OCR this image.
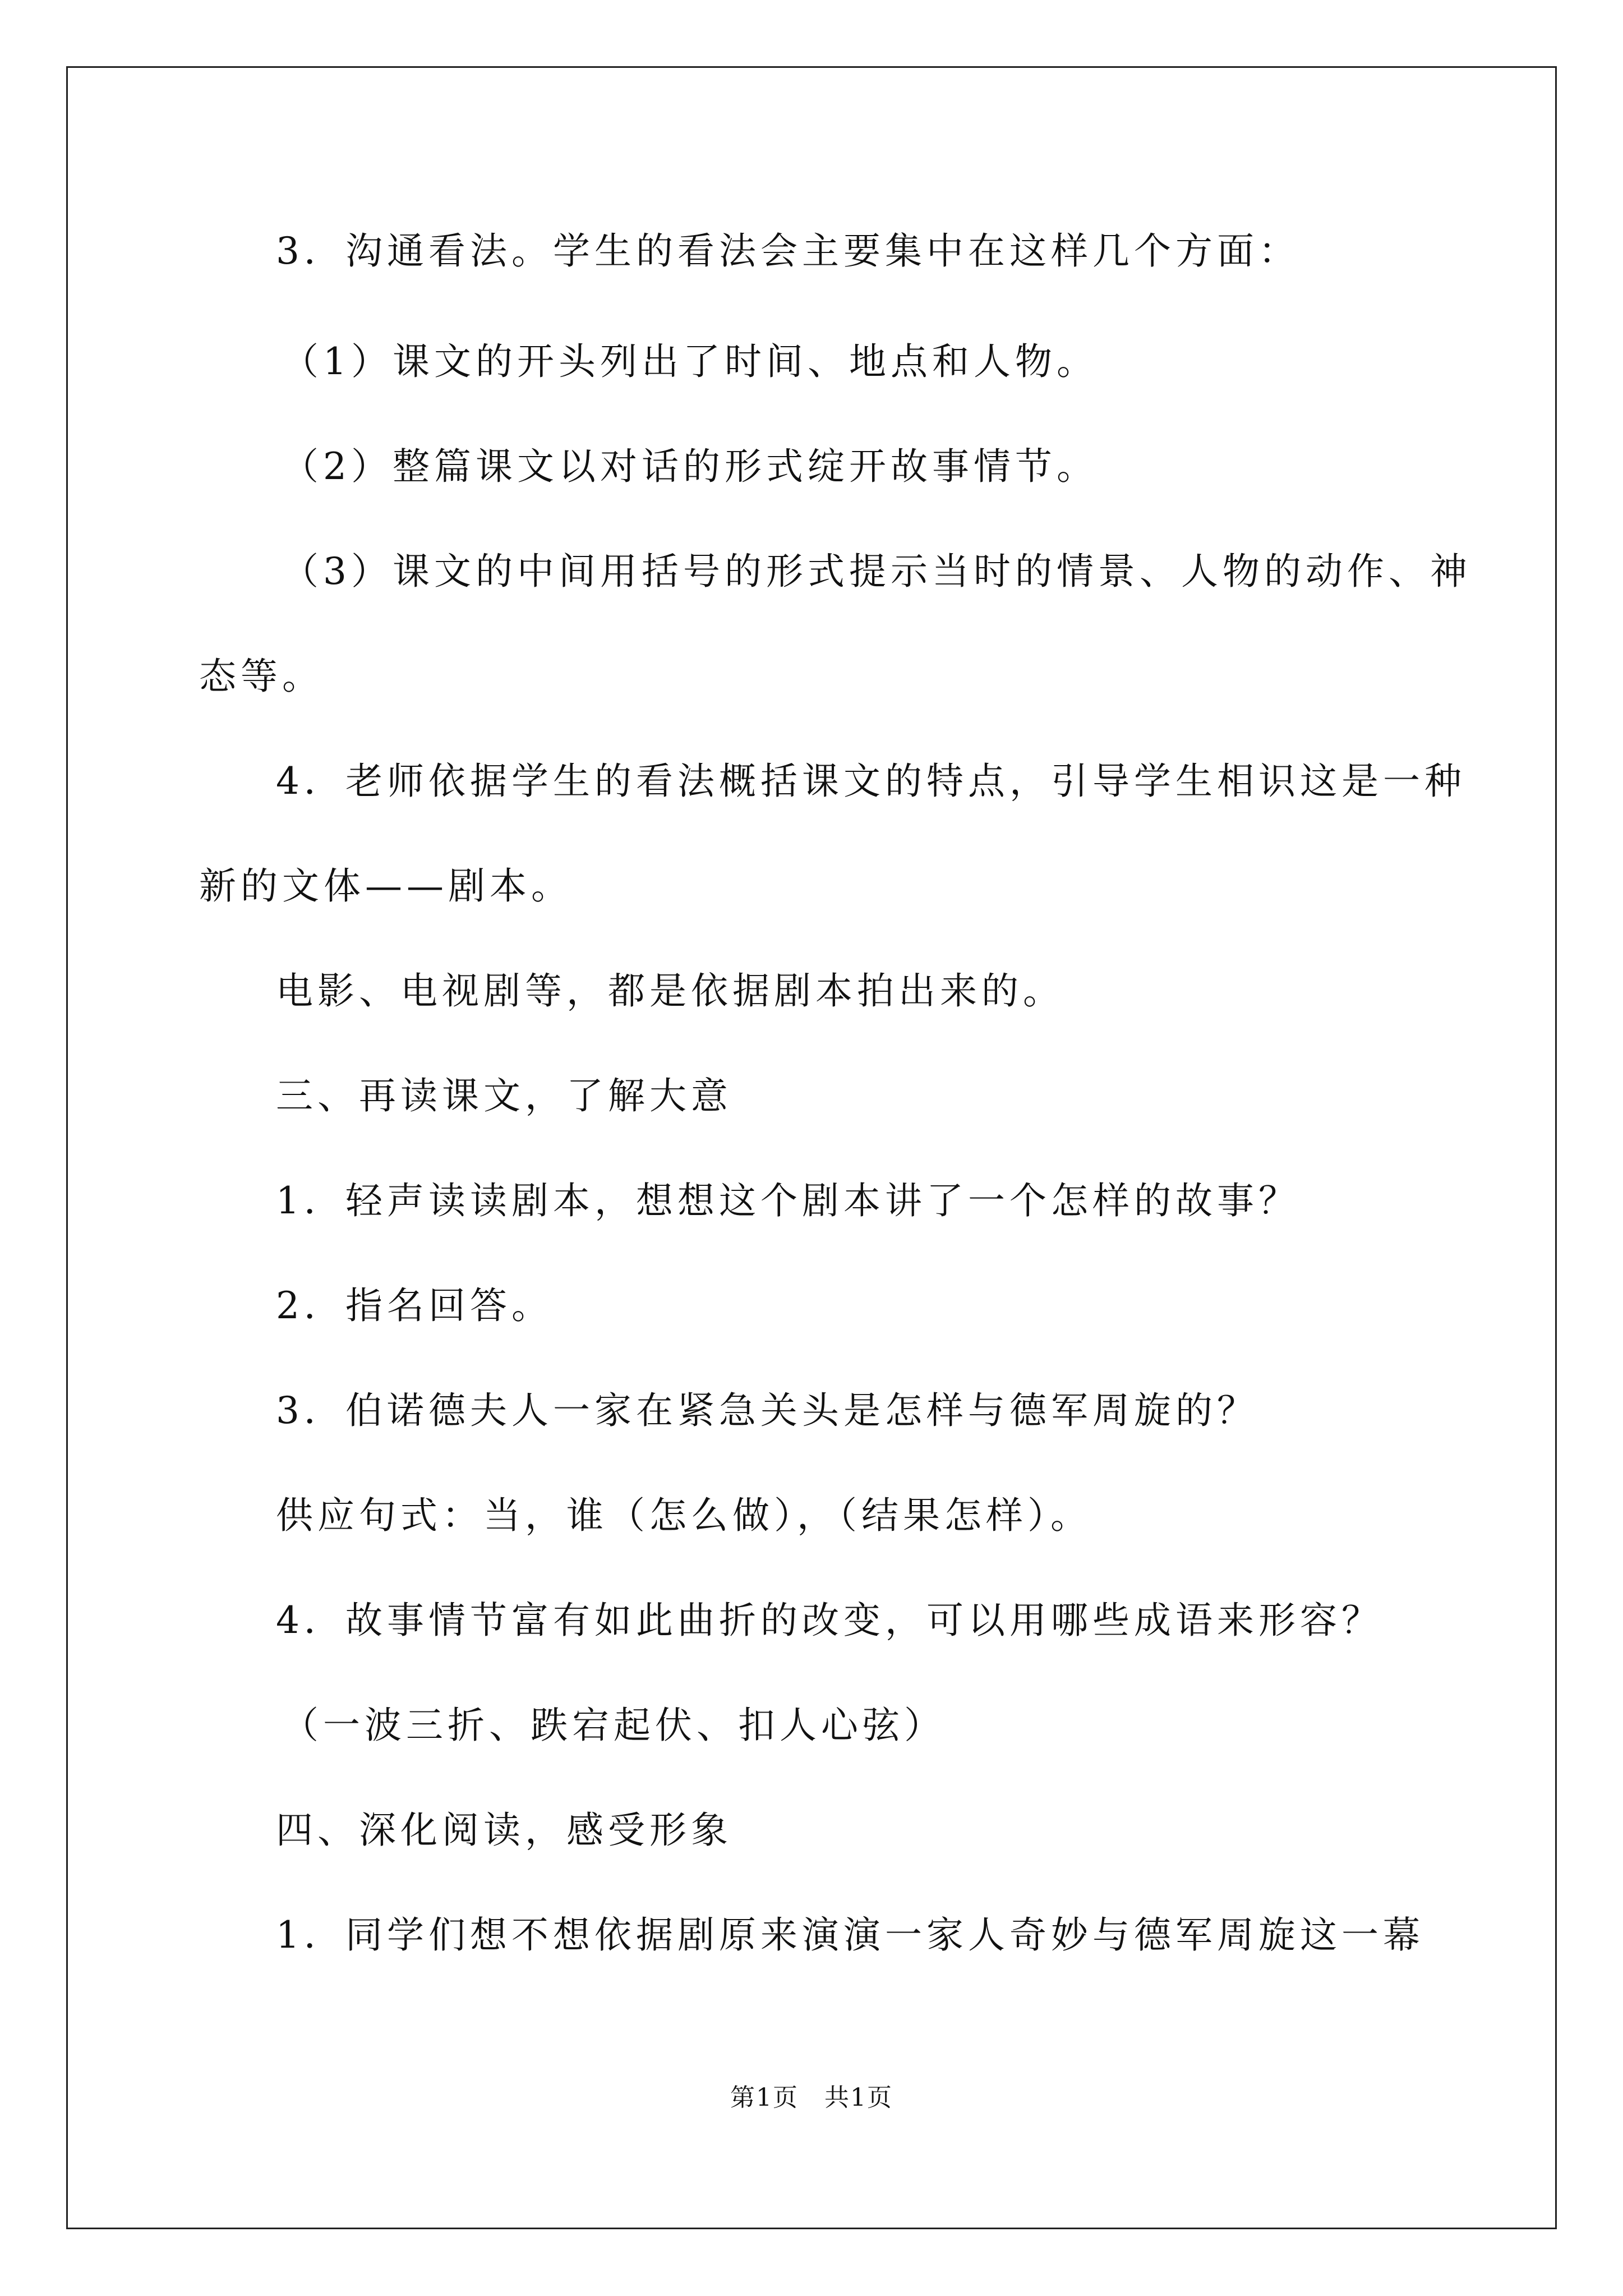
3．沟通看法。学生的看法会主要集中在这样几个方面：
（1）课文的开头列出了时间、地点和人物。
（2）整篇课文以对话的形式绽开故事情节。
（3）课文的中间用括号的形式提示当时的情景、人物的动作、神
态等。
4．老师依据学生的看法概括课文的特点，引导学生相识这是一种
新的文体——剧本。
电影、电视剧等，都是依据剧本拍出来的。
三、再读课文，了解大意
1．轻声读读剧本，想想这个剧本讲了一个怎样的故事？
2．指名回答。
3．伯诺德夫人一家在紧急关头是怎样与德军周旋的？
供应句式：当，谁（怎么做），（结果怎样）。
4．故事情节富有如此曲折的改变，可以用哪些成语来形容？
（一波三折、跌宕起伏、扣人心弦）
四、深化阅读，感受形象
1．同学们想不想依据剧原来演演一家人奇妙与德军周旋这一幕
第1页　共1页
